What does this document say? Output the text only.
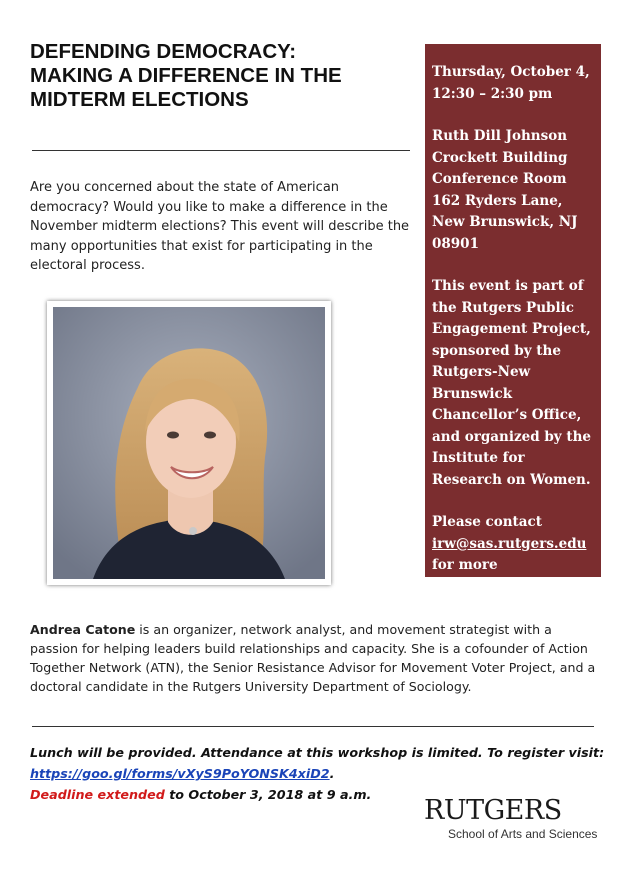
DEFENDING DEMOCRACY:
MAKING A DIFFERENCE IN THE
MIDTERM ELECTIONS

Are you concerned about the state of American democracy? Would you like to make a difference in the November midterm elections? This event will describe the many opportunities that exist for participating in the electoral process.

Thursday, October 4,
12:30 – 2:30 pm
Ruth Dill Johnson
Crockett Building
Conference Room
162 Ryders Lane,
New Brunswick, NJ
08901
This event is part of
the Rutgers Public
Engagement Project,
sponsored by the
Rutgers-New
Brunswick
Chancellor’s Office,
and organized by the
Institute for
Research on Women.
Please contact
irw@sas.rutgers.edu
for more
information.

Andrea Catone is an organizer, network analyst, and movement strategist with a passion for helping leaders build relationships and capacity. She is a cofounder of Action Together Network (ATN), the Senior Resistance Advisor for Movement Voter Project, and a doctoral candidate in the Rutgers University Department of Sociology.

Lunch will be provided. Attendance at this workshop is limited. To register visit:
https://goo.gl/forms/vXyS9PoYONSK4xiD2.
Deadline extended to October 3, 2018 at 9 a.m.
RUTGERS
School of Arts and Sciences
